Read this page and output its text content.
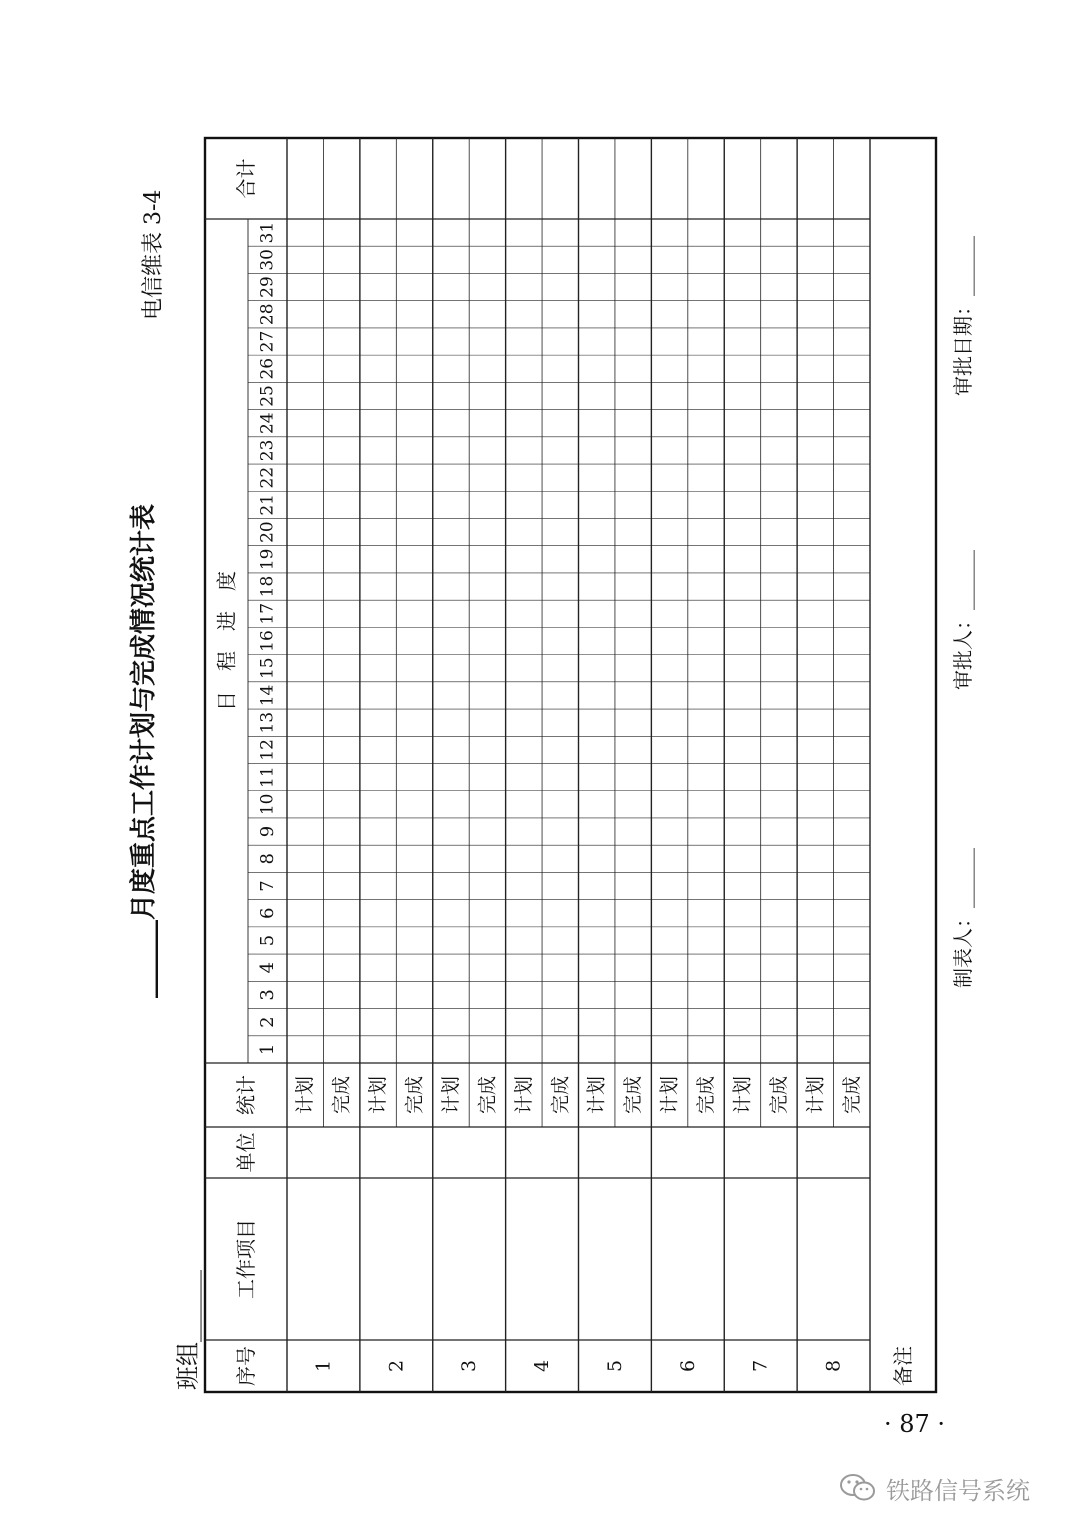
______月度重点工作计划与完成情况统计表
电信维表 3-4
班组______ 序号
工作项目
单位
统计
日　程　进　度
合计
备注
1
2
3
4
5
6
7
8
9
10
11
12
13
14
15
16
17
18
19
20
21
22
23
24
25
26
27
28
29
30
31
1
计划 完成
2
计划 完成
3
计划 完成
4
计划 完成
5
计划 完成
6
计划 完成
7
计划 完成
8
计划 完成
制表人：______
审批人：______
审批日期：______
· 87 ·
铁路信号系统
